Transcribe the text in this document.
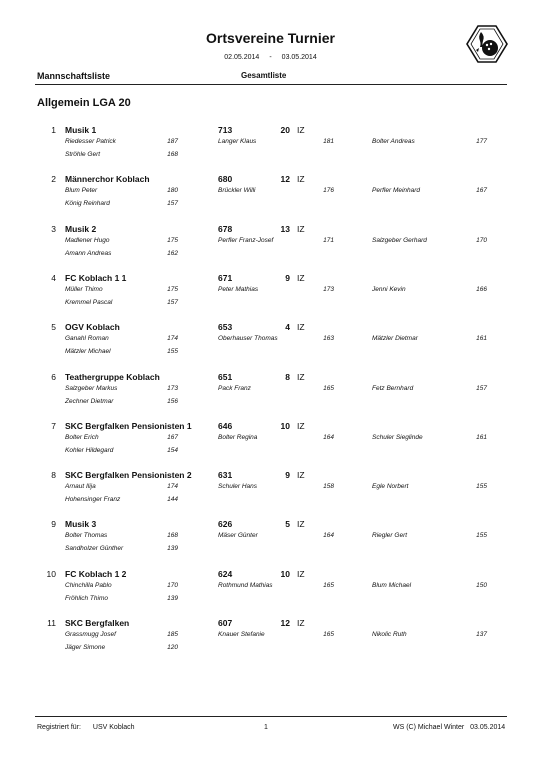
Ortsvereine Turnier
02.05.2014 - 03.05.2014
Mannschaftsliste	Gesamtliste
Allgemein LGA 20
1 Musik 1	713	20 IZ
Riedesser Patrick	187	Langer Klaus	181	Bolter Andreas	177
Ströhle Gert	168
2 Männerchor Koblach	680	12 IZ
Blum Peter	180	Brückler Willi	176	Perfler Meinhard	167
König Reinhard	157
3 Musik 2	678	13 IZ
Madlener Hugo	175	Perfler Franz-Josef	171	Salzgeber Gerhard	170
Amann Andreas	162
4 FC Koblach 1 1	671	9 IZ
Müller Thimo	175	Peter Mathias	173	Jenni Kevin	166
Kremmel Pascal	157
5 OGV Koblach	653	4 IZ
Ganahl Roman	174	Oberhauser Thomas	163	Mätzler Dietmar	161
Mätzler Michael	155
6 Teathergruppe Koblach	651	8 IZ
Salzgeber Markus	173	Pack Franz	165	Fetz Bernhard	157
Zechner Dietmar	156
7 SKC Bergfalken Pensionisten 1	646	10 IZ
Bolter Erich	167	Bolter Regina	164	Schuler Sieglinde	161
Kohler Hildegard	154
8 SKC Bergfalken Pensionisten 2	631	9 IZ
Arnaut Ilija	174	Schuler Hans	158	Egle Norbert	155
Hohensinger Franz	144
9 Musik 3	626	5 IZ
Bolter Thomas	168	Mäser Günter	164	Riegler Gert	155
Sandholzer Günther	139
10 FC Koblach 1 2	624	10 IZ
Chinchilla Pablo	170	Rothmund Mathias	165	Blum Michael	150
Fröhlich Thimo	139
11 SKC Bergfalken	607	12 IZ
Grassmugg Josef	185	Knauer Stefanie	165	Nikolic Ruth	137
Jäger Simone	120
Registriert für: USV Koblach	1	WS (C) Michael Winter 03.05.2014
